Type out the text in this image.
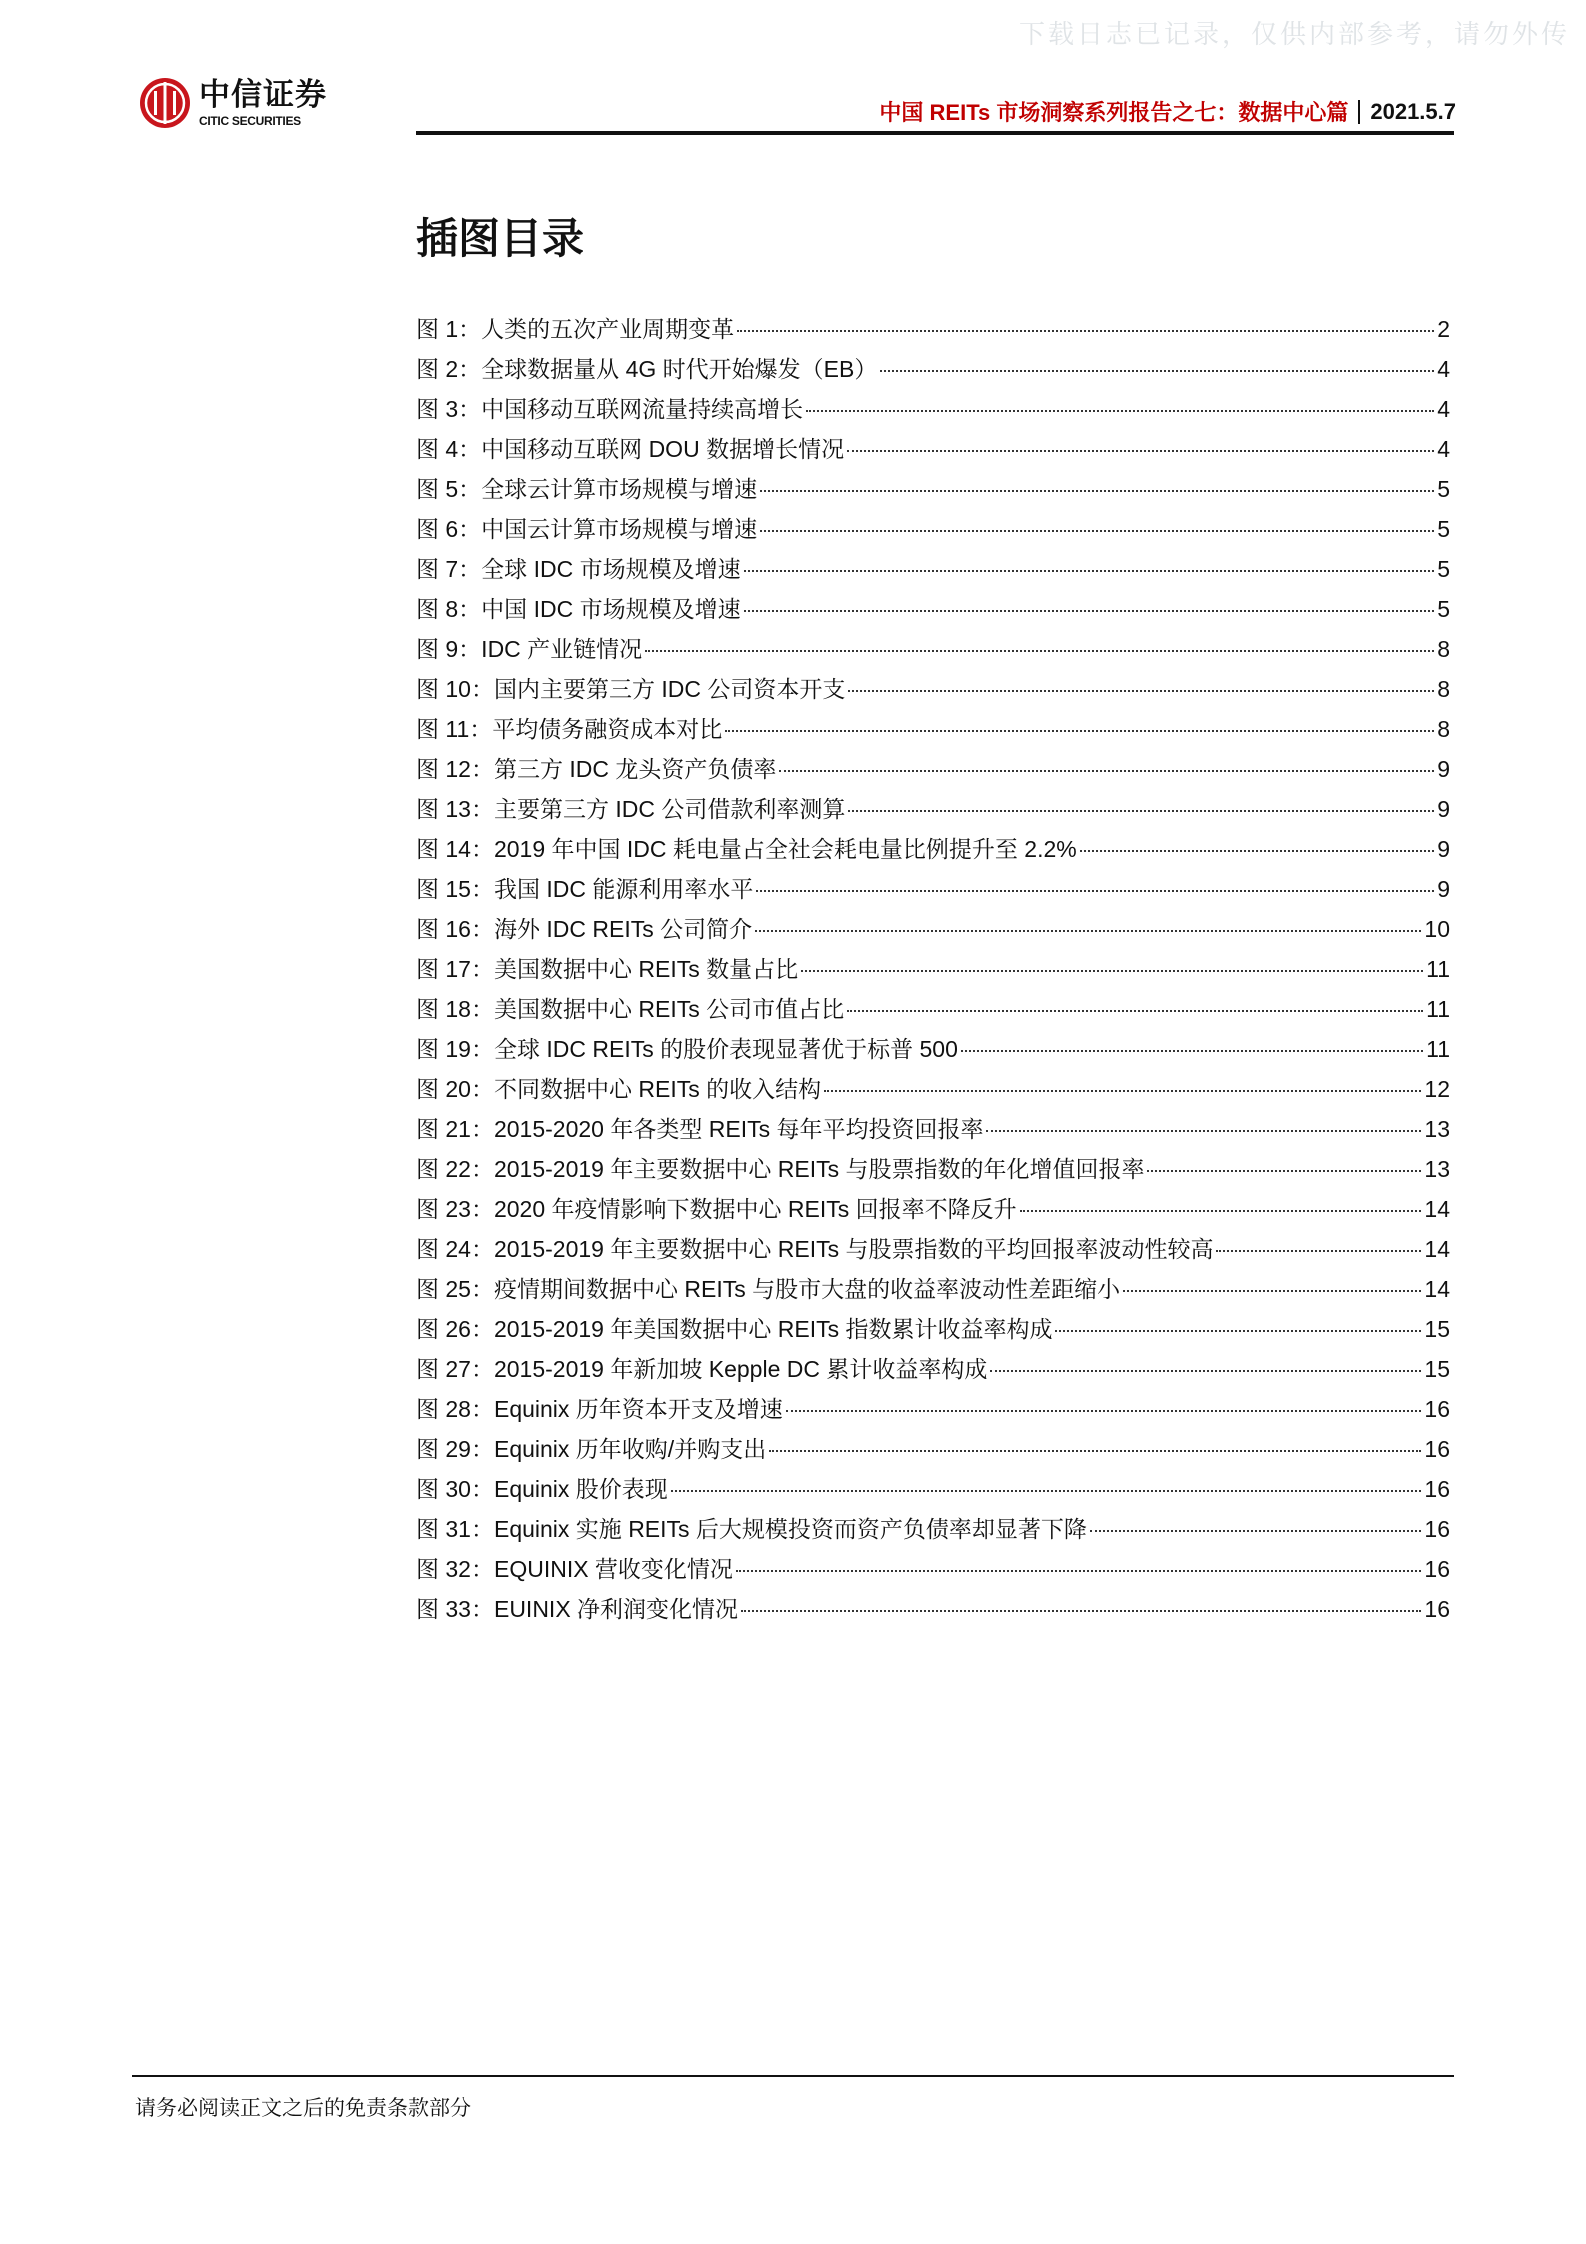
下载日志已记录，仅供内部参考，请勿外传
中信证券
CITIC SECURITIES	中国 REITs 市场洞察系列报告之七：数据中心篇 2021.5.7
插图目录
图 1：人类的五次产业周期变革	2
图 2：全球数据量从 4G 时代开始爆发（EB）	4
图 3：中国移动互联网流量持续高增长	4
图 4：中国移动互联网 DOU 数据增长情况	4
图 5：全球云计算市场规模与增速	5
图 6：中国云计算市场规模与增速	5
图 7：全球 IDC 市场规模及增速	5
图 8：中国 IDC 市场规模及增速	5
图 9：IDC 产业链情况	8
图 10：国内主要第三方 IDC 公司资本开支	8
图 11：平均债务融资成本对比	8
图 12：第三方 IDC 龙头资产负债率	9
图 13：主要第三方 IDC 公司借款利率测算	9
图 14：2019 年中国 IDC 耗电量占全社会耗电量比例提升至 2.2%	9
图 15：我国 IDC 能源利用率水平	9
图 16：海外 IDC REITs 公司简介	10
图 17：美国数据中心 REITs 数量占比	11
图 18：美国数据中心 REITs 公司市值占比	11
图 19：全球 IDC REITs 的股价表现显著优于标普 500	11
图 20：不同数据中心 REITs 的收入结构	12
图 21：2015-2020 年各类型 REITs 每年平均投资回报率	13
图 22：2015-2019 年主要数据中心 REITs 与股票指数的年化增值回报率	13
图 23：2020 年疫情影响下数据中心 REITs 回报率不降反升	14
图 24：2015-2019 年主要数据中心 REITs 与股票指数的平均回报率波动性较高	14
图 25：疫情期间数据中心 REITs 与股市大盘的收益率波动性差距缩小	14
图 26：2015-2019 年美国数据中心 REITs 指数累计收益率构成	15
图 27：2015-2019 年新加坡 Kepple DC 累计收益率构成	15
图 28：Equinix 历年资本开支及增速	16
图 29：Equinix 历年收购/并购支出	16
图 30：Equinix 股价表现	16
图 31：Equinix 实施 REITs 后大规模投资而资产负债率却显著下降	16
图 32：EQUINIX 营收变化情况	16
图 33：EUINIX 净利润变化情况	16
请务必阅读正文之后的免责条款部分
